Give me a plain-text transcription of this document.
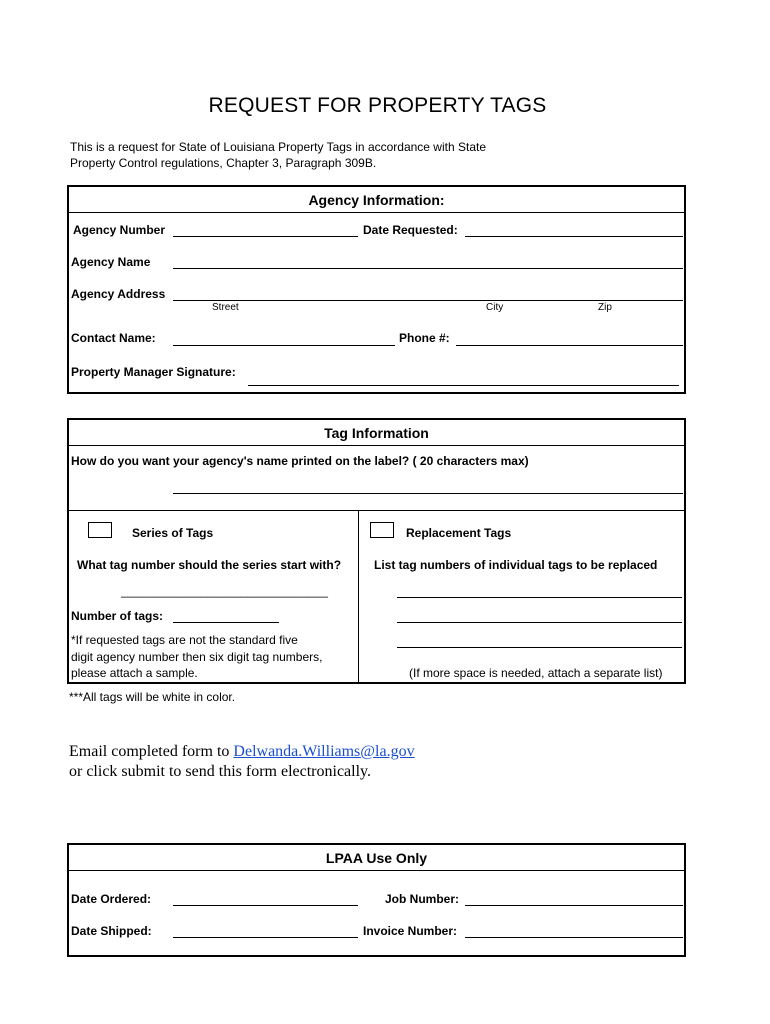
REQUEST FOR PROPERTY TAGS
This is a request for State of Louisiana Property Tags in accordance with State
Property Control regulations, Chapter 3, Paragraph 309B.
Agency Information:
Agency Number	Date Requested:
Agency Name
Agency Address
Street	City	Zip
Contact Name:	Phone #:
Property Manager Signature:
Tag Information
How do you want your agency's name printed on the label? ( 20 characters max)
Series of Tags
What tag number should the series start with?
_______________________________
Number of tags:
*If requested tags are not the standard five
digit agency number then six digit tag numbers,
please attach a sample.
Replacement Tags
List tag numbers of individual tags to be replaced
(If more space is needed, attach a separate list)
***All tags will be white in color.
Email completed form to Delwanda.Williams@la.gov
or click submit to send this form electronically.
LPAA Use Only
Date Ordered:	Job Number:
Date Shipped:	Invoice Number:
